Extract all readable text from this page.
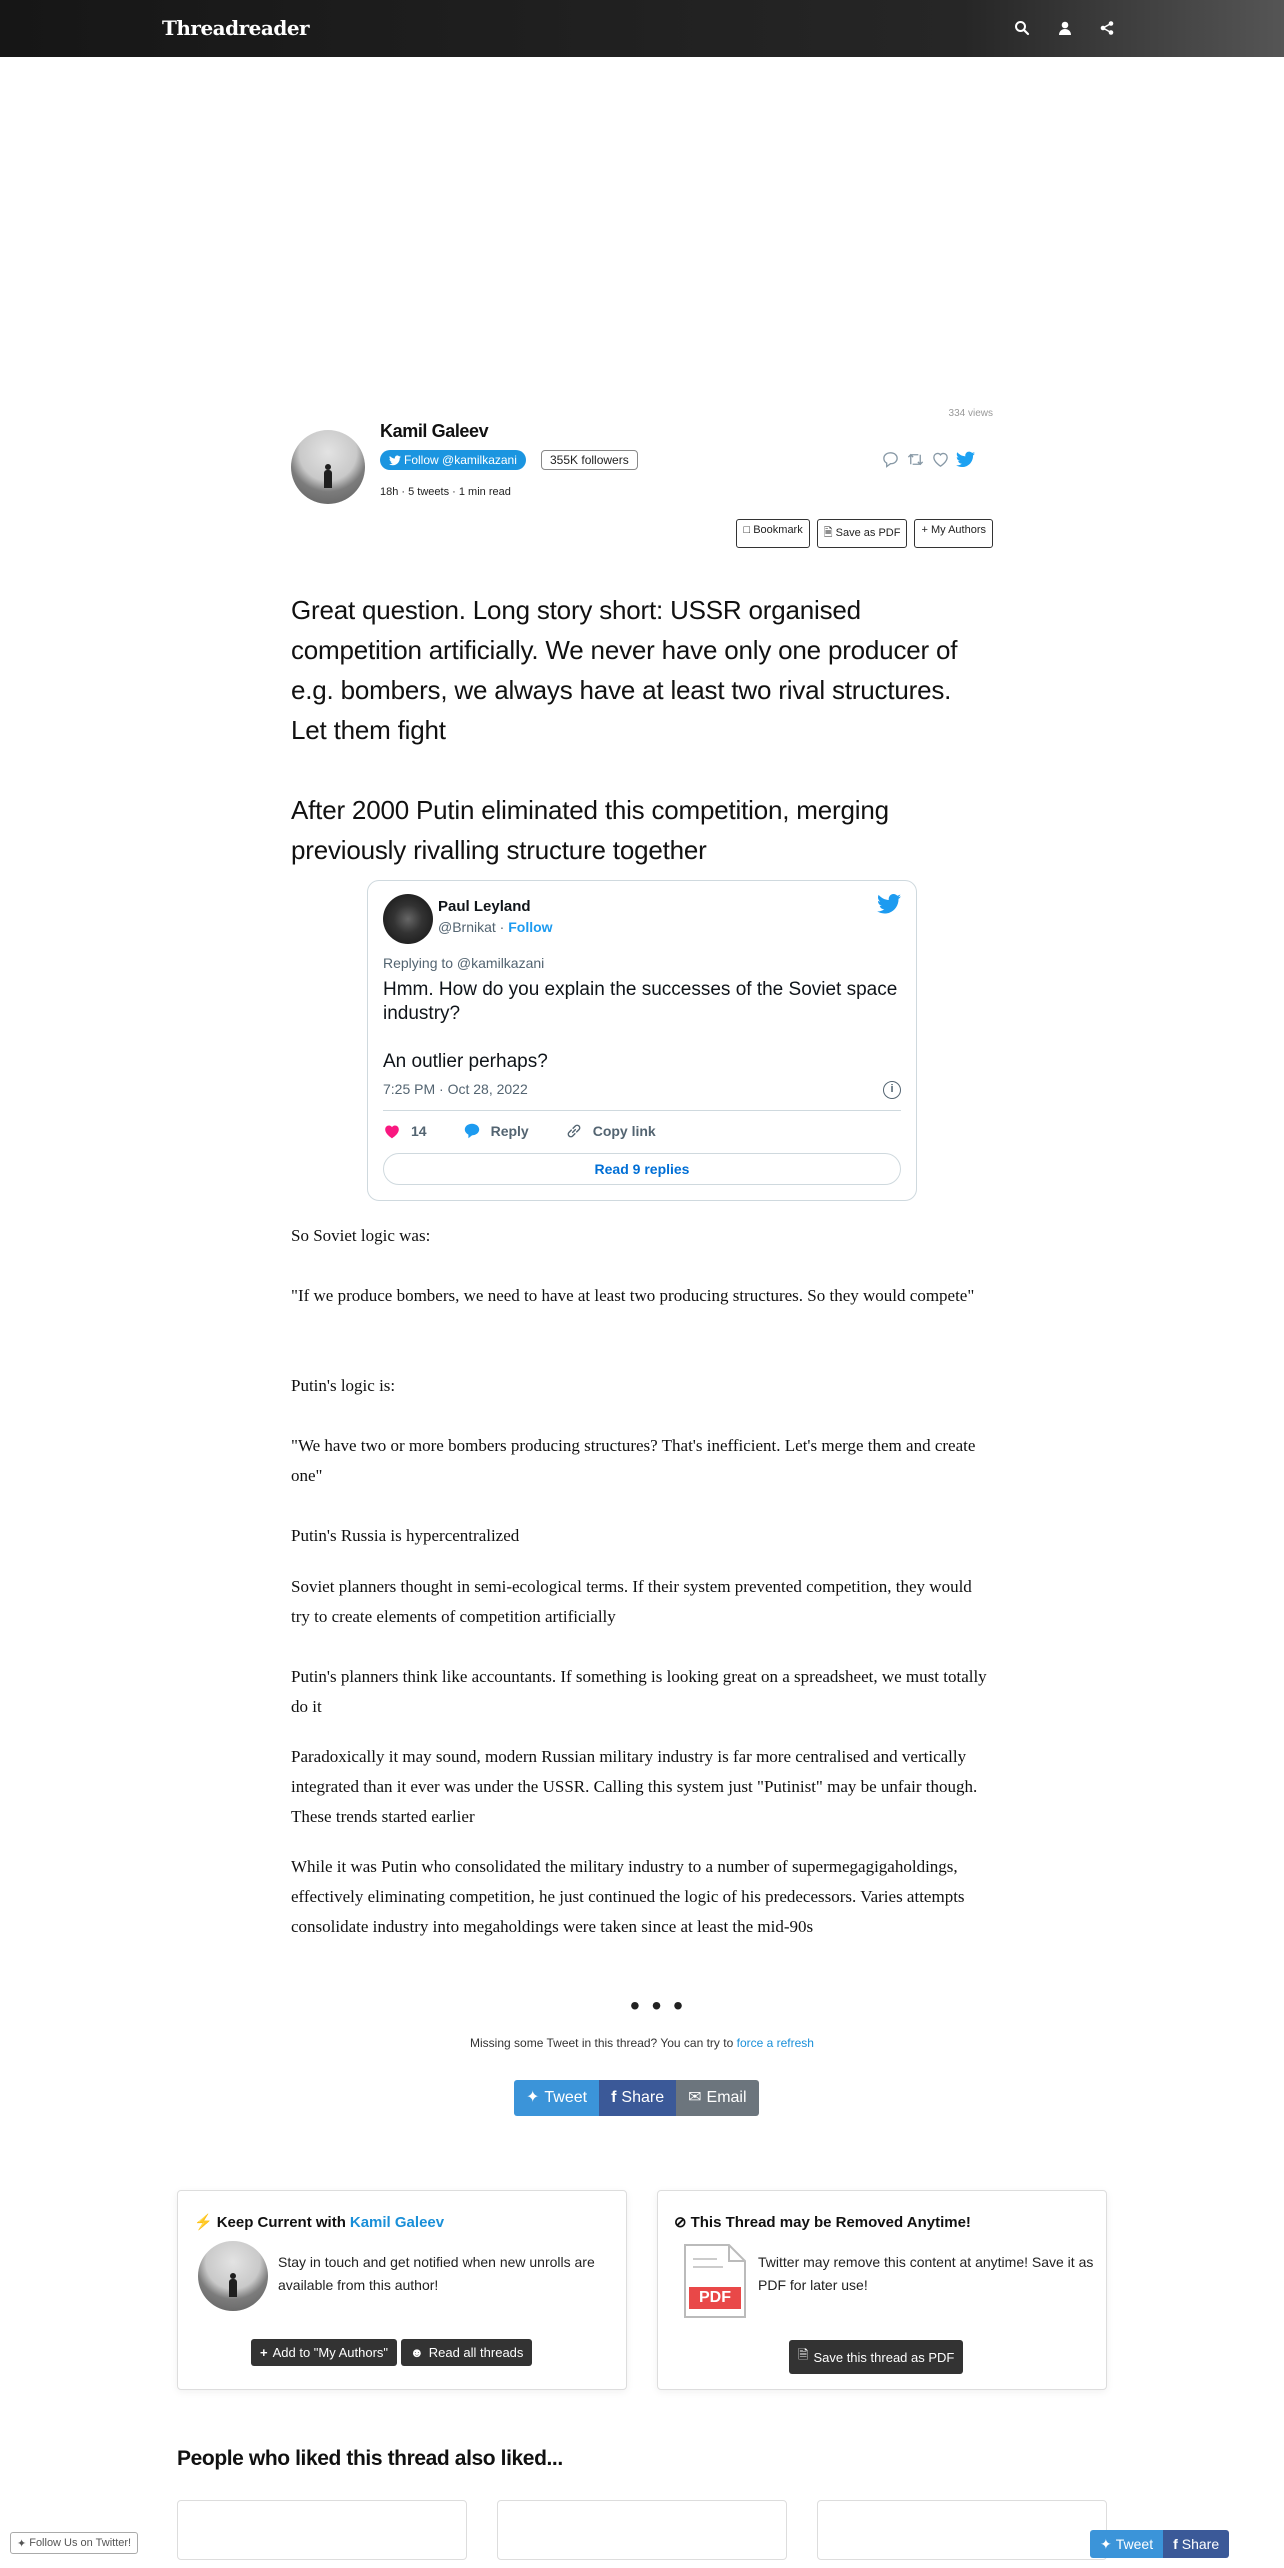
Threadreader
334 views
Kamil Galeev
Follow @kamilkazani	355K followers
18h · 5 tweets · 1 min read
□ Bookmark	🗎 Save as PDF	+ My Authors
Great question. Long story short: USSR organised competition artificially. We never have only one producer of e.g. bombers, we always have at least two rival structures. Let them fight
After 2000 Putin eliminated this competition, merging previously rivalling structure together
Paul Leyland
@Brnikat · Follow
Replying to @kamilkazani
Hmm. How do you explain the successes of the Soviet space industry?
An outlier perhaps?
7:25 PM · Oct 28, 2022	i
14	Reply	Copy link
Read 9 replies
So Soviet logic was:
"If we produce bombers, we need to have at least two producing structures. So they would compete"
Putin's logic is:
"We have two or more bombers producing structures? That's inefficient. Let's merge them and create one"
Putin's Russia is hypercentralized
Soviet planners thought in semi-ecological terms. If their system prevented competition, they would try to create elements of competition artificially
Putin's planners think like accountants. If something is looking great on a spreadsheet, we must totally do it
Paradoxically it may sound, modern Russian military industry is far more centralised and vertically integrated than it ever was under the USSR. Calling this system just "Putinist" may be unfair though. These trends started earlier
While it was Putin who consolidated the military industry to a number of supermegagigaholdings, effectively eliminating competition, he just continued the logic of his predecessors. Varies attempts consolidate industry into megaholdings were taken since at least the mid-90s
• • •
Missing some Tweet in this thread? You can try to force a refresh
✦ Tweet f Share ✉ Email
⚡ Keep Current with Kamil Galeev

Stay in touch and get notified when new unrolls are available from this author!

+ Add to "My Authors" ☻ Read all threads
⊘ This Thread may be Removed Anytime!
PDF

Twitter may remove this content at anytime! Save it as PDF for later use!

🗎 Save this thread as PDF
People who liked this thread also liked...
✦ Follow Us on Twitter!	✦ Tweet f Share
